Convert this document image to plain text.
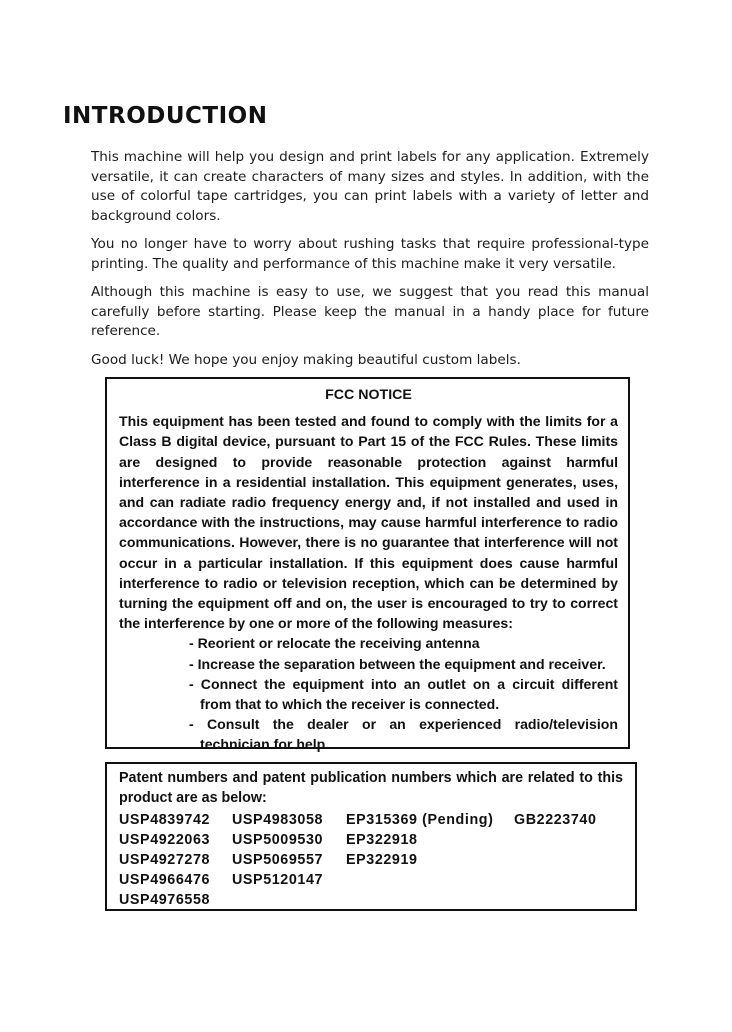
INTRODUCTION

This machine will help you design and print labels for any application. Extremely versatile, it can create characters of many sizes and styles. In addition, with the use of colorful tape cartridges, you can print labels with a variety of letter and background colors.

You no longer have to worry about rushing tasks that require professional-type printing. The quality and performance of this machine make it very versatile.

Although this machine is easy to use, we suggest that you read this manual carefully before starting. Please keep the manual in a handy place for future reference.

Good luck! We hope you enjoy making beautiful custom labels.

FCC NOTICE

This equipment has been tested and found to comply with the limits for a Class B digital device, pursuant to Part 15 of the FCC Rules. These limits are designed to provide reasonable protection against harmful interference in a residential installation. This equipment generates, uses, and can radiate radio frequency energy and, if not installed and used in accordance with the instructions, may cause harmful interference to radio communications. However, there is no guarantee that interference will not occur in a particular installation. If this equipment does cause harmful interference to radio or television reception, which can be determined by turning the equipment off and on, the user is encouraged to try to correct the interference by one or more of the following measures:

- Reorient or relocate the receiving antenna
- Increase the separation between the equipment and receiver.
- Connect the equipment into an outlet on a circuit different from that to which the receiver is connected.
- Consult the dealer or an experienced radio/television technician for help.

Patent numbers and patent publication numbers which are related to this product are as below:

USP4839742	USP4983058	EP315369 (Pending)	GB2223740
USP4922063	USP5009530	EP322918
USP4927278	USP5069557	EP322919
USP4966476	USP5120147
USP4976558
